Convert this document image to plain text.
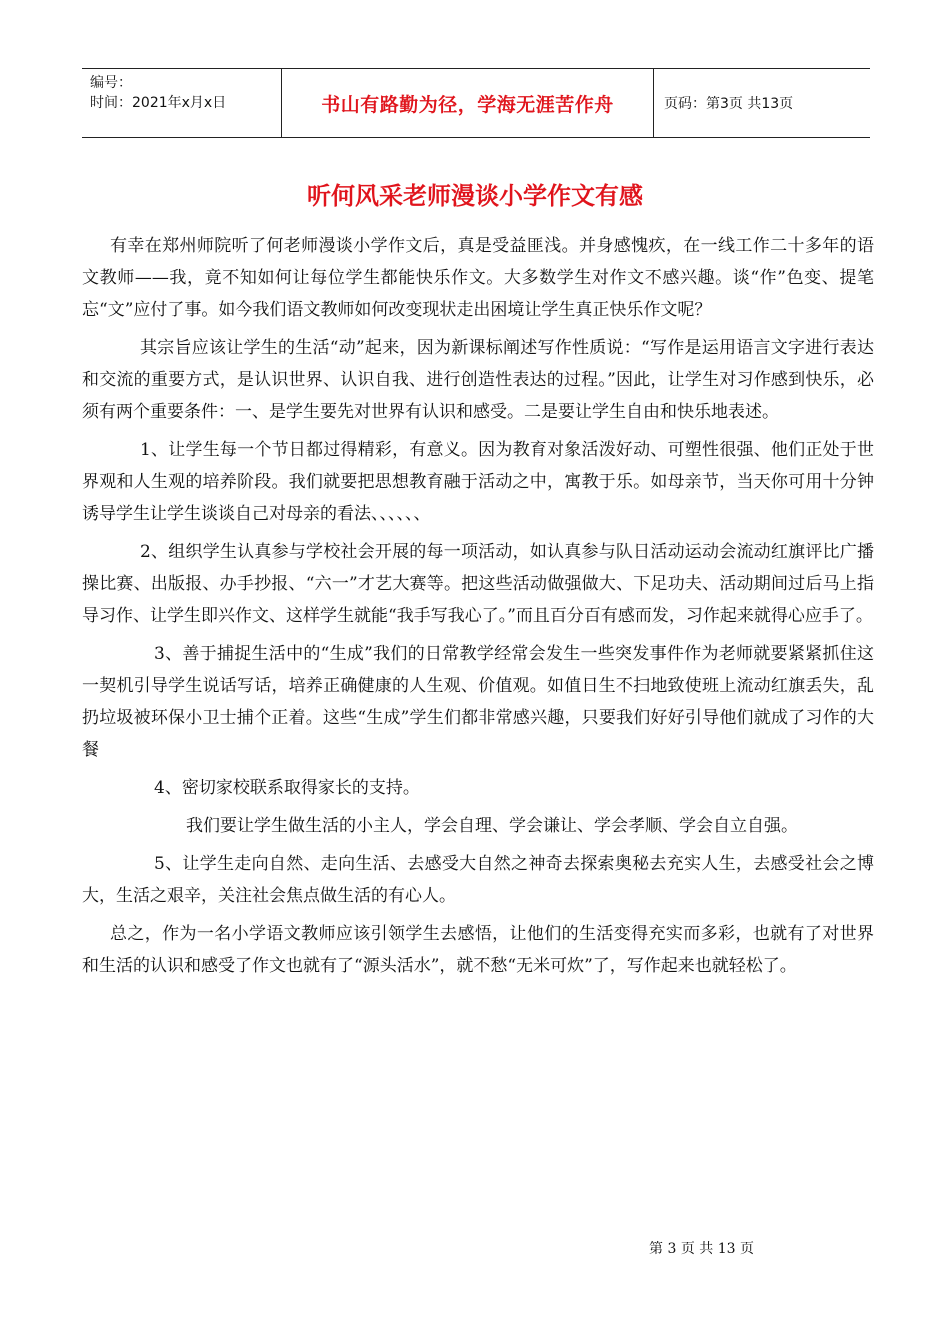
编号：
时间：2021年x月x日	书山有路勤为径，学海无涯苦作舟	页码：第3页 共13页
听何风采老师漫谈小学作文有感

有幸在郑州师院听了何老师漫谈小学作文后，真是受益匪浅。并身感愧疚，在一线工作二十多年的语文教师——我，竟不知如何让每位学生都能快乐作文。大多数学生对作文不感兴趣。谈“作”色变、提笔忘“文”应付了事。如今我们语文教师如何改变现状走出困境让学生真正快乐作文呢？

其宗旨应该让学生的生活“动”起来，因为新课标阐述写作性质说：“写作是运用语言文字进行表达和交流的重要方式，是认识世界、认识自我、进行创造性表达的过程。”因此，让学生对习作感到快乐，必须有两个重要条件：一、是学生要先对世界有认识和感受。二是要让学生自由和快乐地表述。

1、让学生每一个节日都过得精彩，有意义。因为教育对象活泼好动、可塑性很强、他们正处于世界观和人生观的培养阶段。我们就要把思想教育融于活动之中，寓教于乐。如母亲节，当天你可用十分钟诱导学生让学生谈谈自己对母亲的看法、、、、、、

2、组织学生认真参与学校社会开展的每一项活动，如认真参与队日活动运动会流动红旗评比广播操比赛、出版报、办手抄报、“六一”才艺大赛等。把这些活动做强做大、下足功夫、活动期间过后马上指导习作、让学生即兴作文、这样学生就能“我手写我心了。”而且百分百有感而发，习作起来就得心应手了。

3、善于捕捉生活中的“生成”我们的日常教学经常会发生一些突发事件作为老师就要紧紧抓住这一契机引导学生说话写话，培养正确健康的人生观、价值观。如值日生不扫地致使班上流动红旗丢失，乱扔垃圾被环保小卫士捕个正着。这些“生成”学生们都非常感兴趣，只要我们好好引导他们就成了习作的大餐

4、密切家校联系取得家长的支持。

我们要让学生做生活的小主人，学会自理、学会谦让、学会孝顺、学会自立自强。

5、让学生走向自然、走向生活、去感受大自然之神奇去探索奥秘去充实人生，去感受社会之博大，生活之艰辛，关注社会焦点做生活的有心人。

总之，作为一名小学语文教师应该引领学生去感悟，让他们的生活变得充实而多彩，也就有了对世界和生活的认识和感受了作文也就有了“源头活水”，就不愁“无米可炊”了，写作起来也就轻松了。

第 3 页 共 13 页
